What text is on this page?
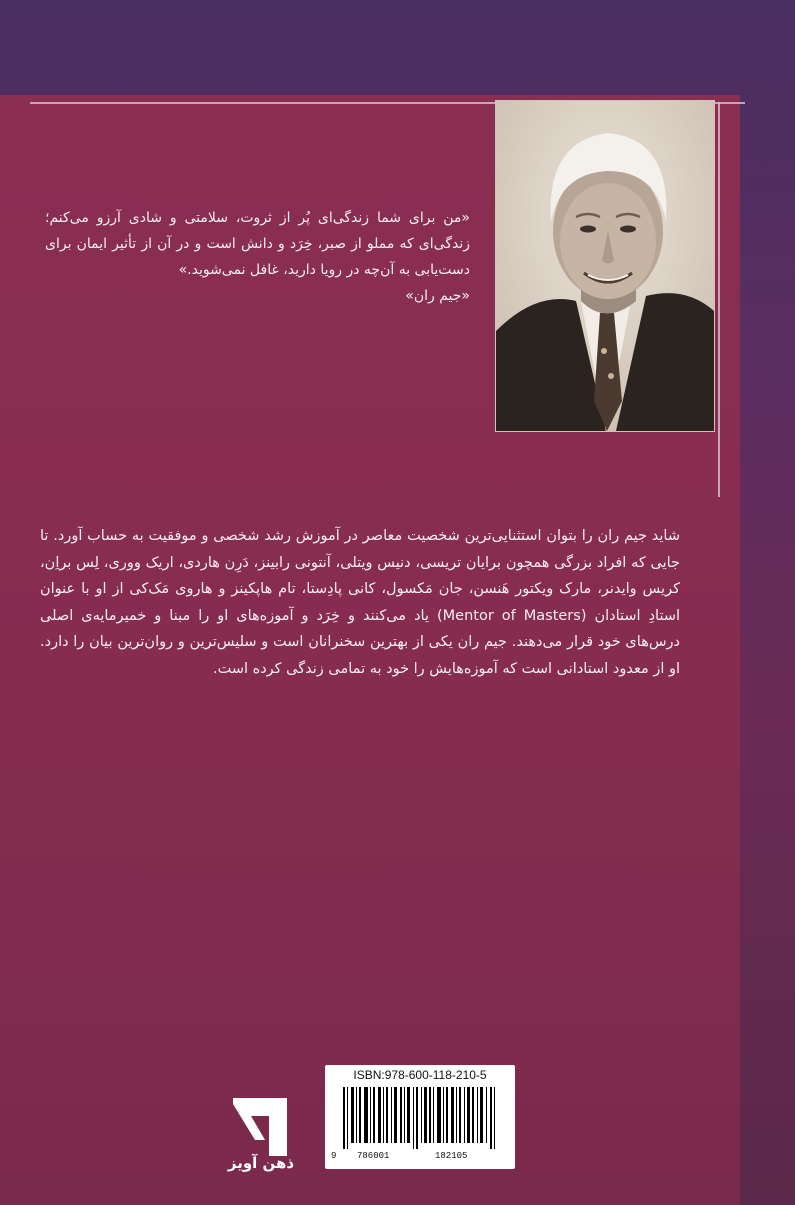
«من برای شما زندگی‌ای پُر از ثروت، سلامتی و شادی آرزو می‌کنم؛ زندگی‌ای که مملو از صبر، خِرَد و دانش است و در آن از تأثیر ایمان برای دست‌یابی به آن‌چه در رویا دارید، غافل نمی‌شوید.»
«جیم ران»
شاید جیم ران را بتوان استثنایی‌ترین شخصیت معاصر در آموزش رشد شخصی و موفقیت به حساب آورد. تا جایی که افراد بزرگی همچون برایان تریسی، دنیس ویتلی، آنتونی رابینز، دَرِن هاردی، اریک ووری، لِس براِن، کریس وایدنر، مارک ویکتور هَنسن، جان مَکسول، کانی پادِستا، تام هاپکینز و هاروی مَک‌کی از او با عنوان استادِ استادان (Mentor of Masters) یاد می‌کنند و خِرَد و آموزه‌های او را مبنا و خمیرمایه‌ی اصلی درس‌های خود قرار می‌دهند. جیم ران یکی از بهترین سخنرانان است و سلیس‌ترین و روان‌ترین بیان را دارد. او از معدود استادانی است که آموزه‌هایش را خود به تمامی زندگی کرده است.
ذهن آویز
ISBN:978-600-118-210-5
9 786001	182105
